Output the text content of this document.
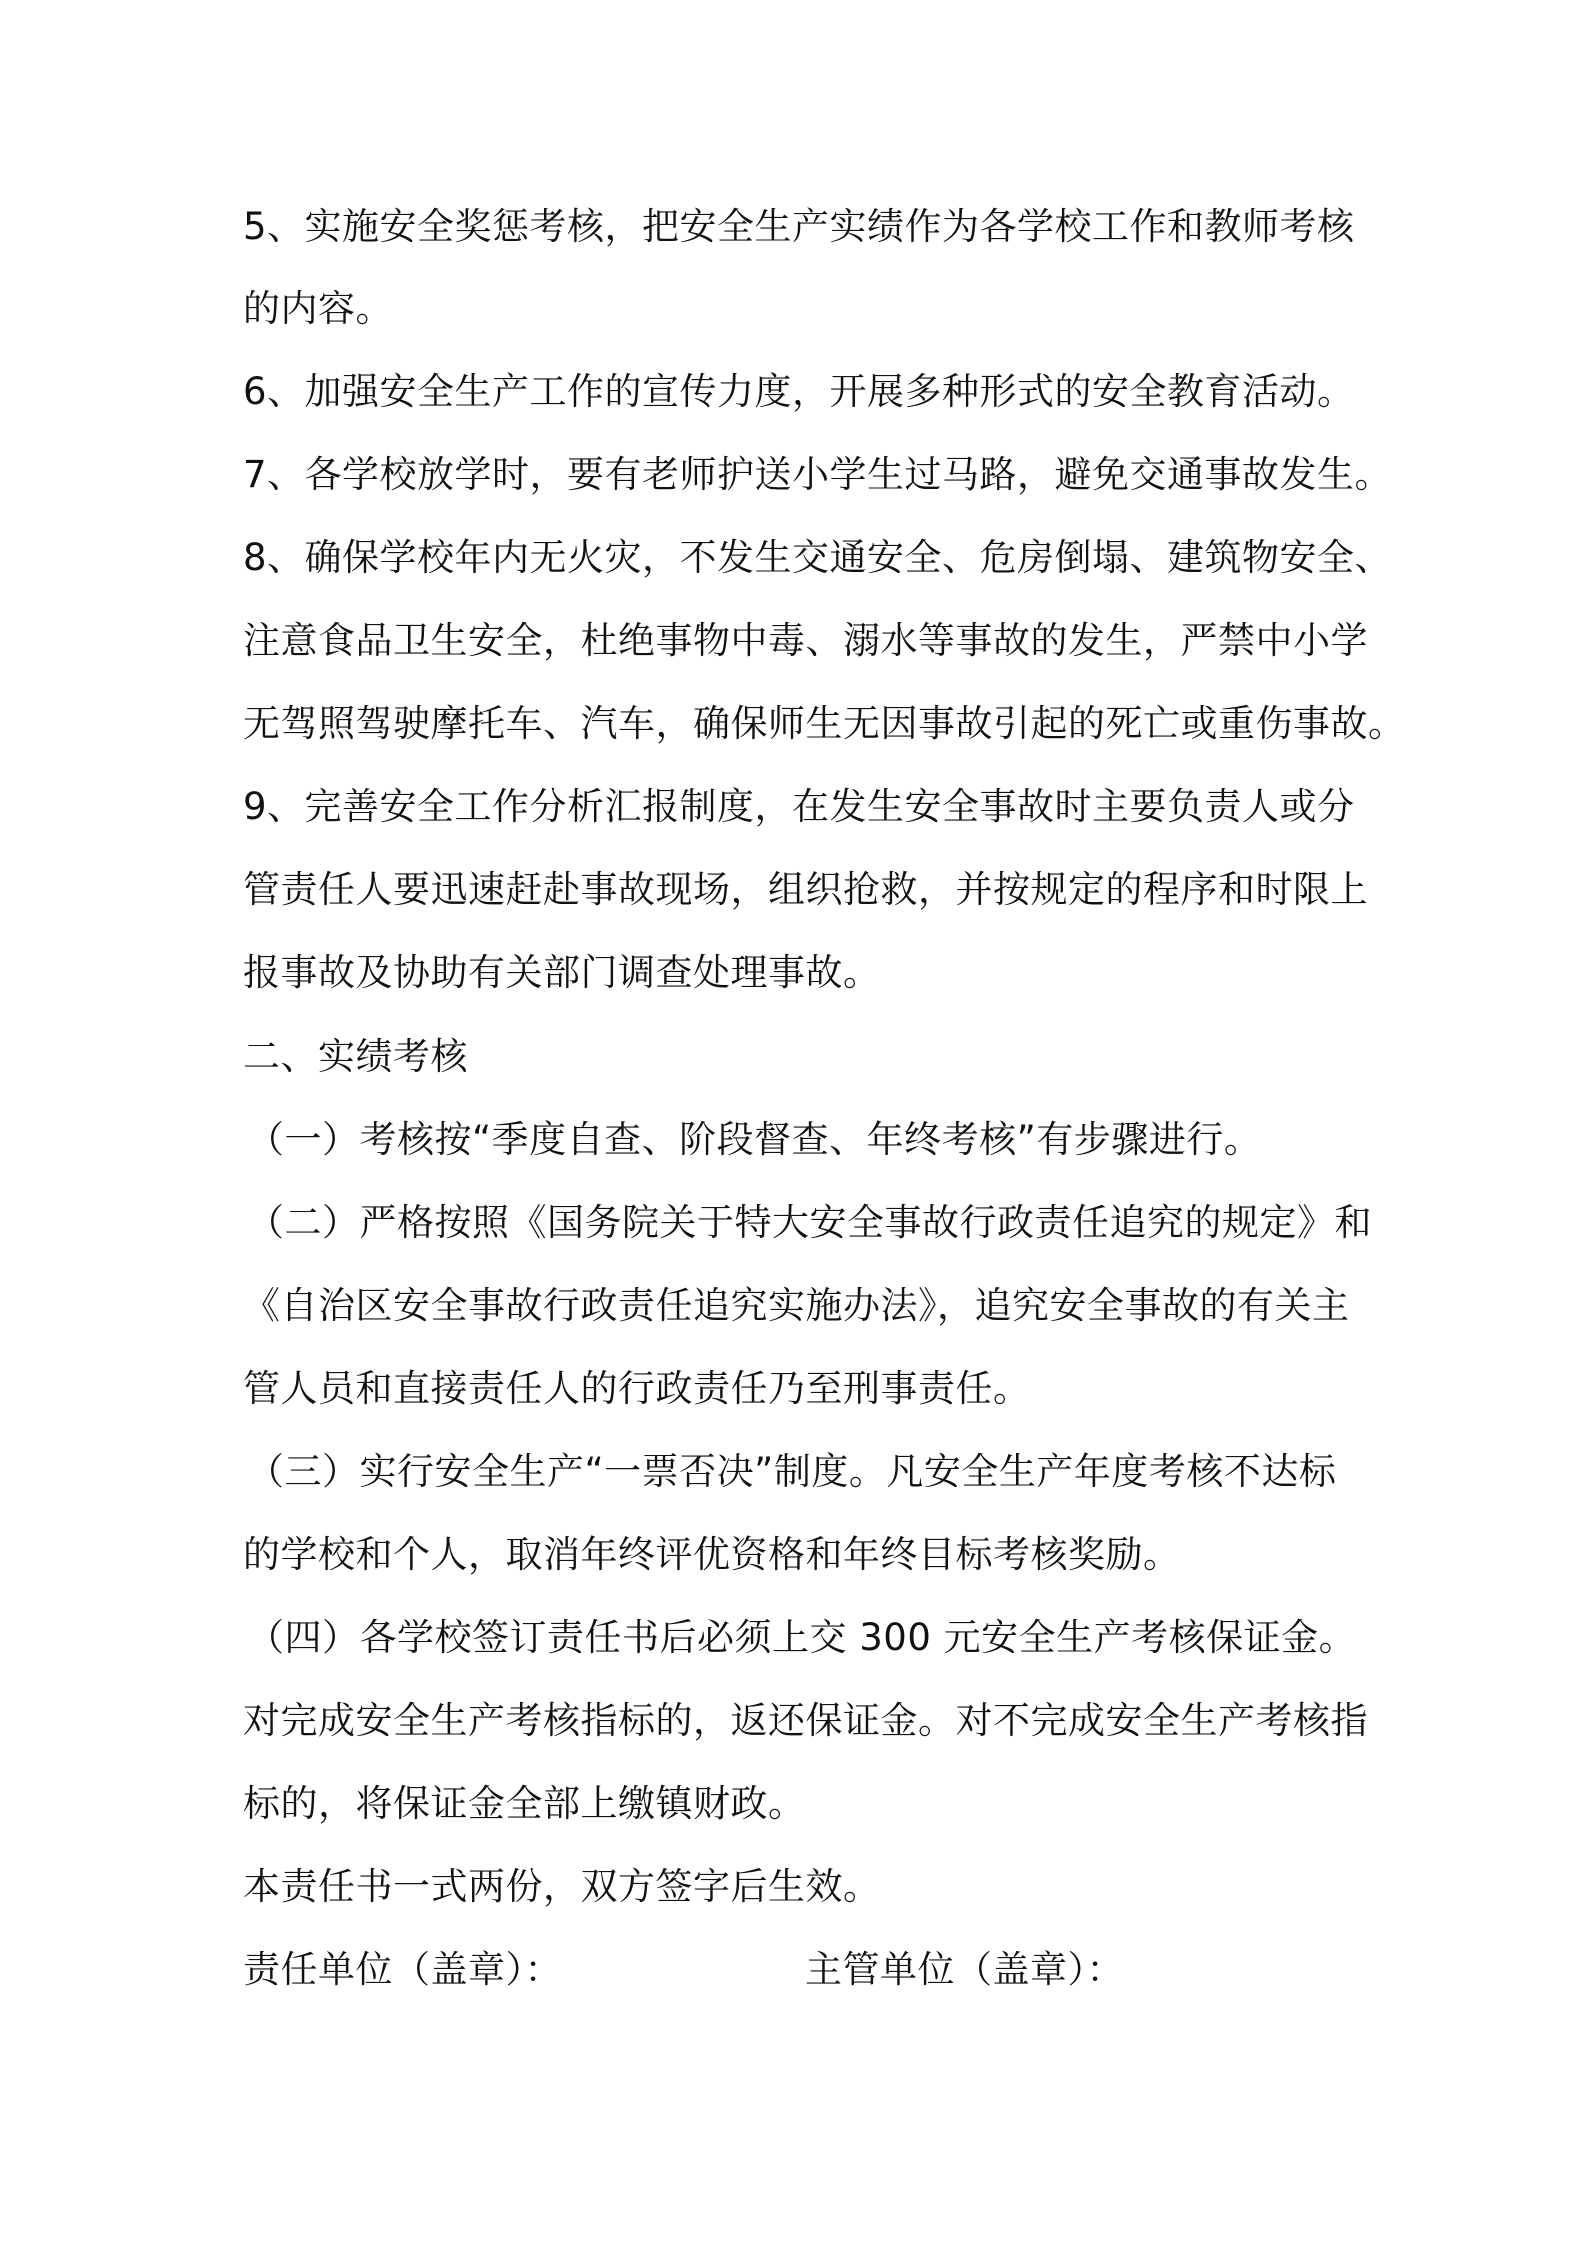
5、实施安全奖惩考核，把安全生产实绩作为各学校工作和教师考核
的内容。
6、加强安全生产工作的宣传力度，开展多种形式的安全教育活动。
7、各学校放学时，要有老师护送小学生过马路，避免交通事故发生。
8、确保学校年内无火灾，不发生交通安全、危房倒塌、建筑物安全、
注意食品卫生安全，杜绝事物中毒、溺水等事故的发生，严禁中小学
无驾照驾驶摩托车、汽车，确保师生无因事故引起的死亡或重伤事故。
9、完善安全工作分析汇报制度，在发生安全事故时主要负责人或分
管责任人要迅速赶赴事故现场，组织抢救，并按规定的程序和时限上
报事故及协助有关部门调查处理事故。
二、实绩考核
（一）考核按“季度自查、阶段督查、年终考核”有步骤进行。
（二）严格按照《国务院关于特大安全事故行政责任追究的规定》和
《自治区安全事故行政责任追究实施办法》，追究安全事故的有关主
管人员和直接责任人的行政责任乃至刑事责任。
（三）实行安全生产“一票否决”制度。凡安全生产年度考核不达标
的学校和个人，取消年终评优资格和年终目标考核奖励。
（四）各学校签订责任书后必须上交 300 元安全生产考核保证金。
对完成安全生产考核指标的，返还保证金。对不完成安全生产考核指
标的，将保证金全部上缴镇财政。
本责任书一式两份，双方签字后生效。
责任单位（盖章）：	主管单位（盖章）：
